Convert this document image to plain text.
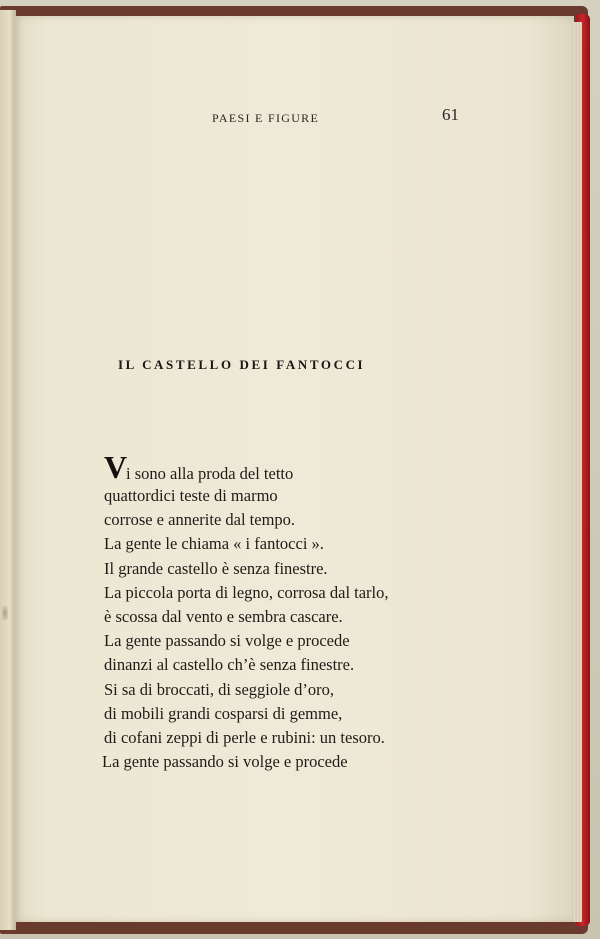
PAESI E FIGURE	61
IL CASTELLO DEI FANTOCCI
V
i sono alla proda del tetto
quattordici teste di marmo
corrose e annerite dal tempo.
La gente le chiama « i fantocci ».
Il grande castello è senza finestre.
La piccola porta di legno, corrosa dal tarlo,
è scossa dal vento e sembra cascare.
La gente passando si volge e procede
dinanzi al castello ch’è senza finestre.
Si sa di broccati, di seggiole d’oro,
di mobili grandi cosparsi di gemme,
di cofani zeppi di perle e rubini: un tesoro.
La gente passando si volge e procede
